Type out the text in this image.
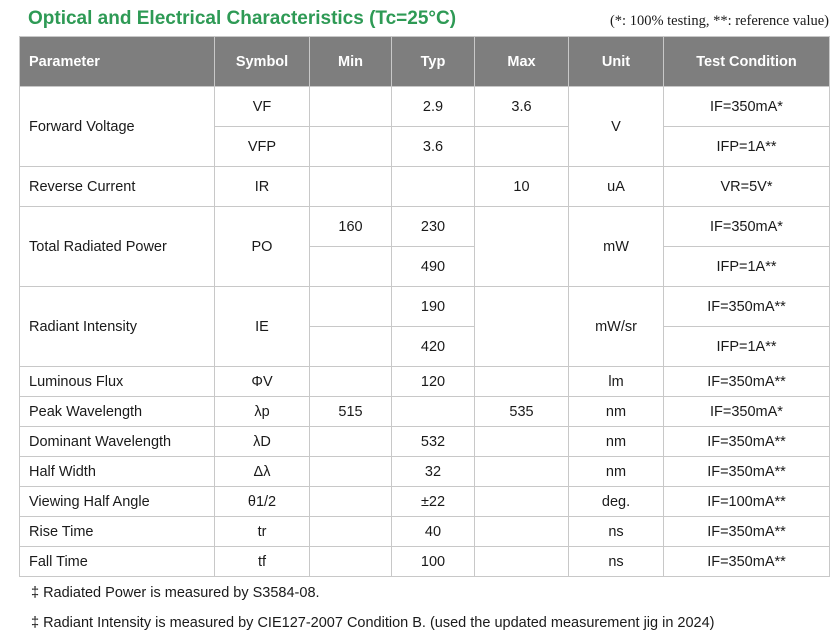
Optical and Electrical Characteristics (Tc=25°C)	(*: 100% testing, **: reference value)
Parameter	Symbol	Min	Typ	Max	Unit	Test Condition
Forward Voltage	VF		2.9	3.6	V	IF=350mA*
	VFP		3.6			IFP=1A**
Reverse Current	IR			10	uA	VR=5V*
Total Radiated Power	PO	160	230		mW	IF=350mA*
			490			IFP=1A**
Radiant Intensity	IE		190		mW/sr	IF=350mA**
			420			IFP=1A**
Luminous Flux	ΦV		120		lm	IF=350mA**
Peak Wavelength	λp	515		535	nm	IF=350mA*
Dominant Wavelength	λD		532		nm	IF=350mA**
Half Width	Δλ		32		nm	IF=350mA**
Viewing Half Angle	θ1/2		±22		deg.	IF=100mA**
Rise Time	tr		40		ns	IF=350mA**
Fall Time	tf		100		ns	IF=350mA**
‡ Radiated Power is measured by S3584-08.
‡ Radiant Intensity is measured by CIE127-2007 Condition B. (used the updated measurement jig in 2024)
